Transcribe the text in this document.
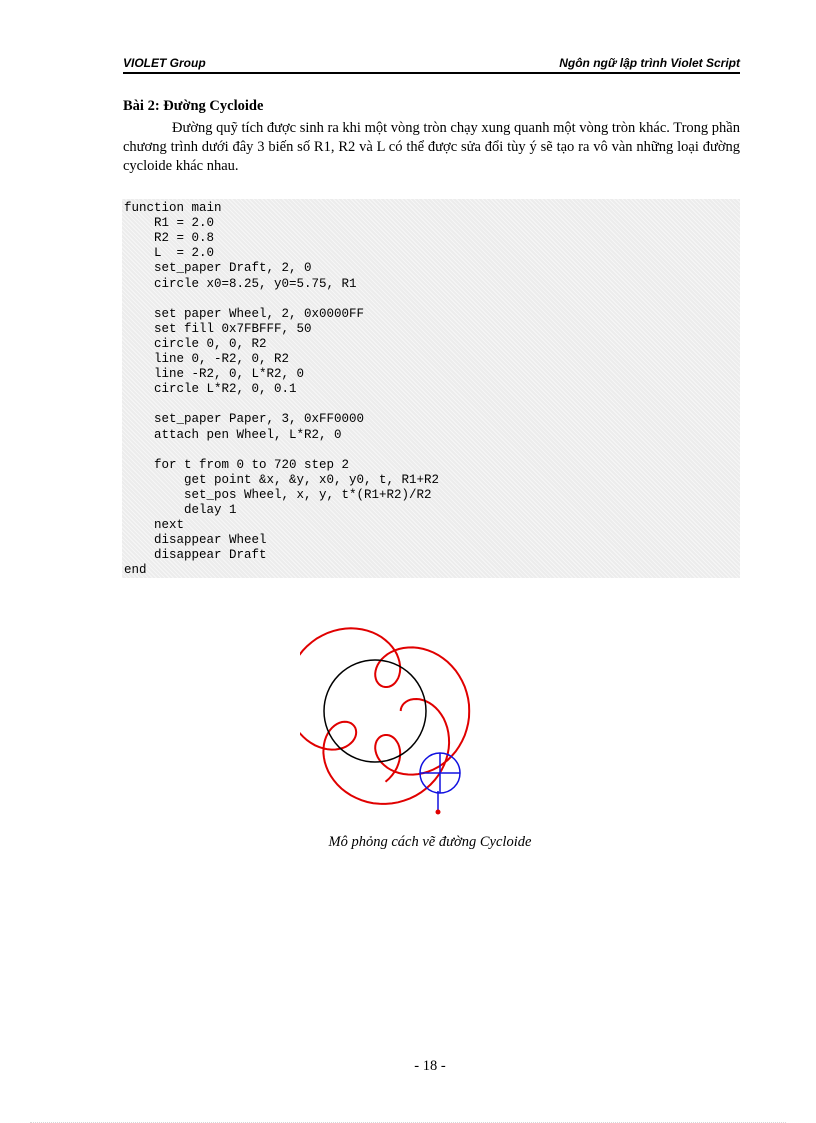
VIOLET Group	Ngôn ngữ lập trình Violet Script
Bài 2: Đường Cycloide
Đường quỹ tích được sinh ra khi một vòng tròn chạy xung quanh một vòng tròn khác. Trong phần chương trình dưới đây 3 biến số R1, R2 và L có thể được sửa đổi tùy ý sẽ tạo ra vô vàn những loại đường cycloide khác nhau.
function main
R1 = 2.0
R2 = 0.8
L  = 2.0
set_paper Draft, 2, 0
circle x0=8.25, y0=5.75, R1
set paper Wheel, 2, 0x0000FF
set fill 0x7FBFFF, 50
circle 0, 0, R2
line 0, -R2, 0, R2
line -R2, 0, L*R2, 0
circle L*R2, 0, 0.1
set_paper Paper, 3, 0xFF0000
attach pen Wheel, L*R2, 0
for t from 0 to 720 step 2
get point &x, &y, x0, y0, t, R1+R2
set_pos Wheel, x, y, t*(R1+R2)/R2
delay 1
next
disappear Wheel
disappear Draft
end
Mô phỏng cách vẽ đường Cycloide
- 18 -
